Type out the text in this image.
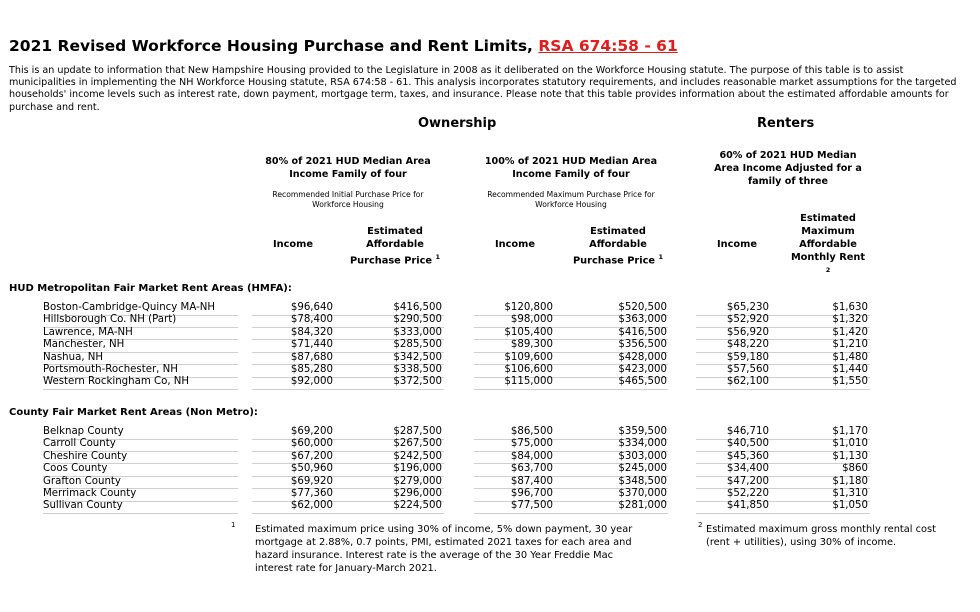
2021 Revised Workforce Housing Purchase and Rent Limits, RSA 674:58 - 61
This is an update to information that New Hampshire Housing provided to the Legislature in 2008 as it deliberated on the Workforce Housing statute. The purpose of this table is to assist municipalities in implementing the NH Workforce Housing statute, RSA 674:58 - 61. This analysis incorporates statutory requirements, and includes reasonable market assumptions for the targeted households' income levels such as interest rate, down payment, mortgage term, taxes, and insurance. Please note that this table provides information about the estimated affordable amounts for purchase and rent.
Ownership	Renters
80% of 2021 HUD Median Area Income Family of four
Recommended Initial Purchase Price for Workforce Housing
100% of 2021 HUD Median Area Income Family of four
Recommended Maximum Purchase Price for Workforce Housing
60% of 2021 HUD Median Area Income Adjusted for a family of three
Income
Estimated Affordable Purchase Price $^1$
Income
Estimated Affordable Purchase Price $^1$
Income
Estimated Maximum Affordable Monthly Rent
2
HUD Metropolitan Fair Market Rent Areas (HMFA):
Boston-Cambridge-Quincy MA-NH	$96,640	$416,500	$120,800	$520,500	$65,230	$1,630
Hillsborough Co. NH (Part)	$78,400	$290,500	$98,000	$363,000	$52,920	$1,320
Lawrence, MA-NH	$84,320	$333,000	$105,400	$416,500	$56,920	$1,420
Manchester, NH	$71,440	$285,500	$89,300	$356,500	$48,220	$1,210
Nashua, NH	$87,680	$342,500	$109,600	$428,000	$59,180	$1,480
Portsmouth-Rochester, NH	$85,280	$338,500	$106,600	$423,000	$57,560	$1,440
Western Rockingham Co, NH	$92,000	$372,500	$115,000	$465,500	$62,100	$1,550
County Fair Market Rent Areas (Non Metro):
Belknap County	$69,200	$287,500	$86,500	$359,500	$46,710	$1,170
Carroll County	$60,000	$267,500	$75,000	$334,000	$40,500	$1,010
Cheshire County	$67,200	$242,500	$84,000	$303,000	$45,360	$1,130
Coos County	$50,960	$196,000	$63,700	$245,000	$34,400	$860
Grafton County	$69,920	$279,000	$87,400	$348,500	$47,200	$1,180
Merrimack County	$77,360	$296,000	$96,700	$370,000	$52,220	$1,310
Sullivan County	$62,000	$224,500	$77,500	$281,000	$41,850	$1,050
1 Estimated maximum price using 30% of income, 5% down payment, 30 year mortgage at 2.88%, 0.7 points, PMI, estimated 2021 taxes for each area and hazard insurance. Interest rate is the average of the 30 Year Freddie Mac interest rate for January-March 2021.
2 Estimated maximum gross monthly rental cost (rent + utilities), using 30% of income.
